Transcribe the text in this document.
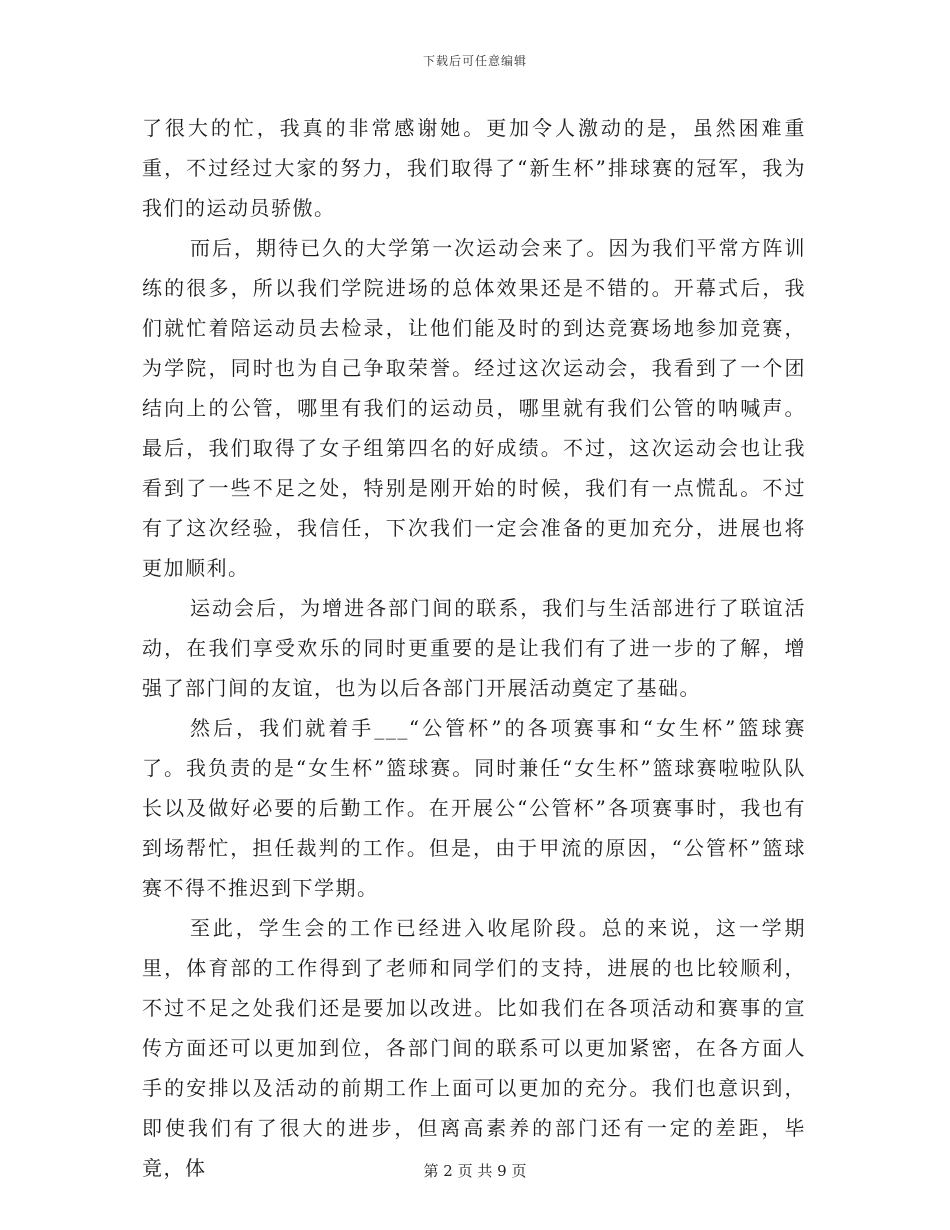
下载后可任意编辑

了很大的忙，我真的非常感谢她。更加令人激动的是，虽然困难重重，不过经过大家的努力，我们取得了“新生杯”排球赛的冠军，我为我们的运动员骄傲。

而后，期待已久的大学第一次运动会来了。因为我们平常方阵训练的很多，所以我们学院进场的总体效果还是不错的。开幕式后，我们就忙着陪运动员去检录，让他们能及时的到达竞赛场地参加竞赛，为学院，同时也为自己争取荣誉。经过这次运动会，我看到了一个团结向上的公管，哪里有我们的运动员，哪里就有我们公管的呐喊声。最后，我们取得了女子组第四名的好成绩。不过，这次运动会也让我看到了一些不足之处，特别是刚开始的时候，我们有一点慌乱。不过有了这次经验，我信任，下次我们一定会准备的更加充分，进展也将更加顺利。

运动会后，为增进各部门间的联系，我们与生活部进行了联谊活动，在我们享受欢乐的同时更重要的是让我们有了进一步的了解，增强了部门间的友谊，也为以后各部门开展活动奠定了基础。

然后，我们就着手___“公管杯”的各项赛事和“女生杯”篮球赛了。我负责的是“女生杯”篮球赛。同时兼任“女生杯”篮球赛啦啦队队长以及做好必要的后勤工作。在开展公“公管杯”各项赛事时，我也有到场帮忙，担任裁判的工作。但是，由于甲流的原因，“公管杯”篮球赛不得不推迟到下学期。

至此，学生会的工作已经进入收尾阶段。总的来说，这一学期里，体育部的工作得到了老师和同学们的支持，进展的也比较顺利，不过不足之处我们还是要加以改进。比如我们在各项活动和赛事的宣传方面还可以更加到位，各部门间的联系可以更加紧密，在各方面人手的安排以及活动的前期工作上面可以更加的充分。我们也意识到，即使我们有了很大的进步，但离高素养的部门还有一定的差距，毕竟，体	第 2 页 共 9 页
